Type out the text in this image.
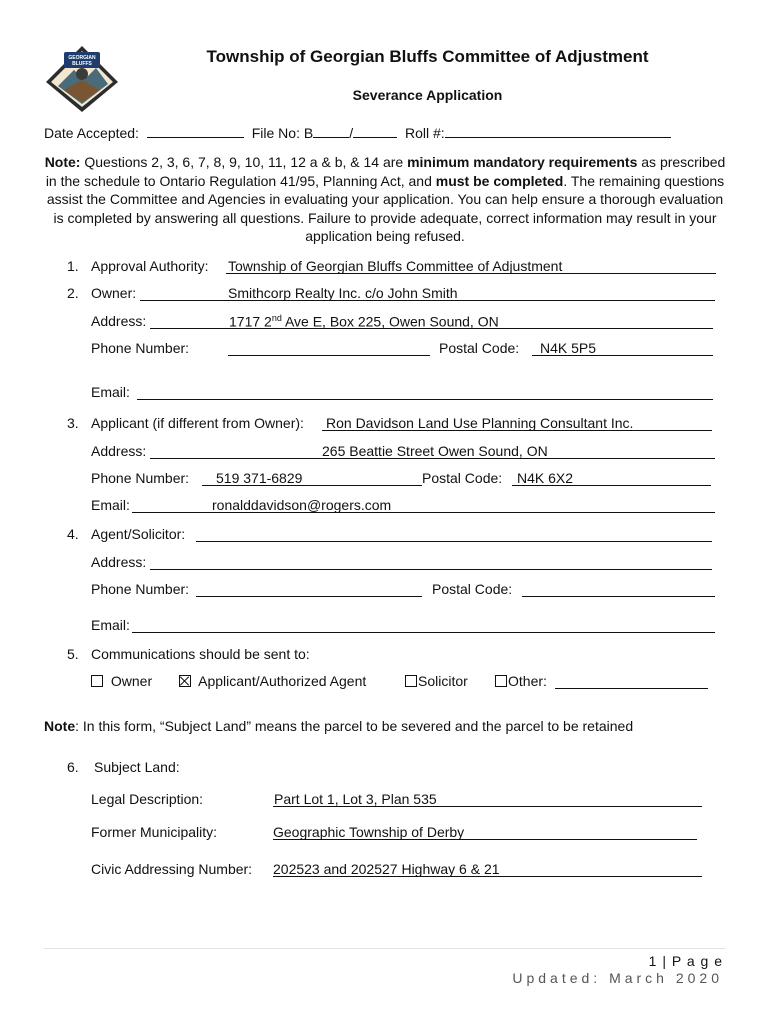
GEORGIAN
BLUFFS	Township of Georgian Bluffs Committee of Adjustment
Severance Application
Date Accepted:	File No: B	/	Roll #:
Note: Questions 2, 3, 6, 7, 8, 9, 10, 11, 12 a & b, & 14 are minimum mandatory requirements as prescribed in the schedule to Ontario Regulation 41/95, Planning Act, and must be completed. The remaining questions assist the Committee and Agencies in evaluating your application. You can help ensure a thorough evaluation is completed by answering all questions. Failure to provide adequate, correct information may result in your application being refused.
1. Approval Authority: Township of Georgian Bluffs Committee of Adjustment
2. Owner:	Smithcorp Realty Inc. c/o John Smith
Address:	1717 2nd Ave E, Box 225, Owen Sound, ON
Phone Number:	Postal Code: N4K 5P5
Email:
3. Applicant (if different from Owner): Ron Davidson Land Use Planning Consultant Inc.
Address:	265 Beattie Street Owen Sound, ON
Phone Number: 519 371-6829	Postal Code: N4K 6X2
Email:	ronalddavidson@rogers.com
4. Agent/Solicitor:
Address:
Phone Number:	Postal Code:
Email:
5. Communications should be sent to:
Owner	Applicant/Authorized Agent	Solicitor	Other:
Note: In this form, “Subject Land” means the parcel to be severed and the parcel to be retained
6. Subject Land:
Legal Description:	Part Lot 1, Lot 3, Plan 535
Former Municipality:	Geographic Township of Derby
Civic Addressing Number: 202523 and 202527 Highway 6 & 21
1 | P a g e
Updated: March 2020
